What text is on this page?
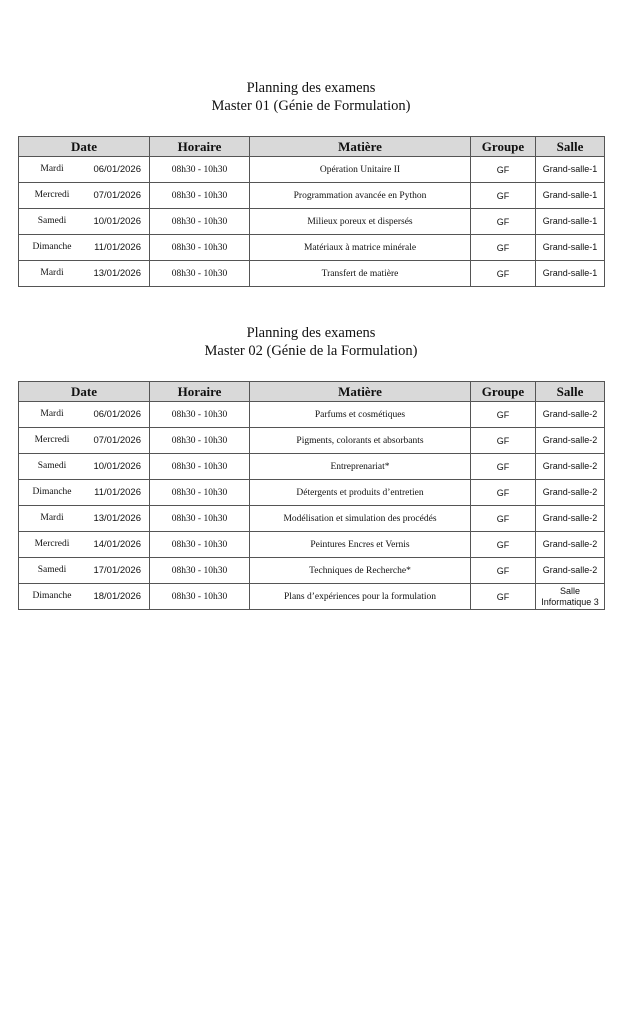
Planning des examens
Master 01 (Génie de Formulation)
Date	Horaire	Matière	Groupe	Salle

Mardi 06/01/2026	08h30 - 10h30	Opération Unitaire II	GF	Grand-salle-1

Mercredi 07/01/2026	08h30 - 10h30	Programmation avancée en Python	GF	Grand-salle-1

Samedi 10/01/2026	08h30 - 10h30	Milieux poreux et dispersés	GF	Grand-salle-1

Dimanche 11/01/2026	08h30 - 10h30	Matériaux à matrice minérale	GF	Grand-salle-1

Mardi 13/01/2026	08h30 - 10h30	Transfert de matière	GF	Grand-salle-1
Planning des examens
Master 02 (Génie de la Formulation)
Date	Horaire	Matière	Groupe	Salle

Mardi 06/01/2026	08h30 - 10h30	Parfums et cosmétiques	GF	Grand-salle-2

Mercredi 07/01/2026	08h30 - 10h30	Pigments, colorants et absorbants	GF	Grand-salle-2

Samedi 10/01/2026	08h30 - 10h30	Entreprenariat*	GF	Grand-salle-2

Dimanche 11/01/2026	08h30 - 10h30	Détergents et produits d’entretien	GF	Grand-salle-2

Mardi 13/01/2026	08h30 - 10h30	Modélisation et simulation des procédés	GF	Grand-salle-2

Mercredi 14/01/2026	08h30 - 10h30	Peintures Encres et Vernis	GF	Grand-salle-2

Samedi 17/01/2026	08h30 - 10h30	Techniques de Recherche*	GF	Grand-salle-2

Dimanche 18/01/2026	08h30 - 10h30	Plans d’expériences pour la formulation	GF	Salle
Informatique 3
